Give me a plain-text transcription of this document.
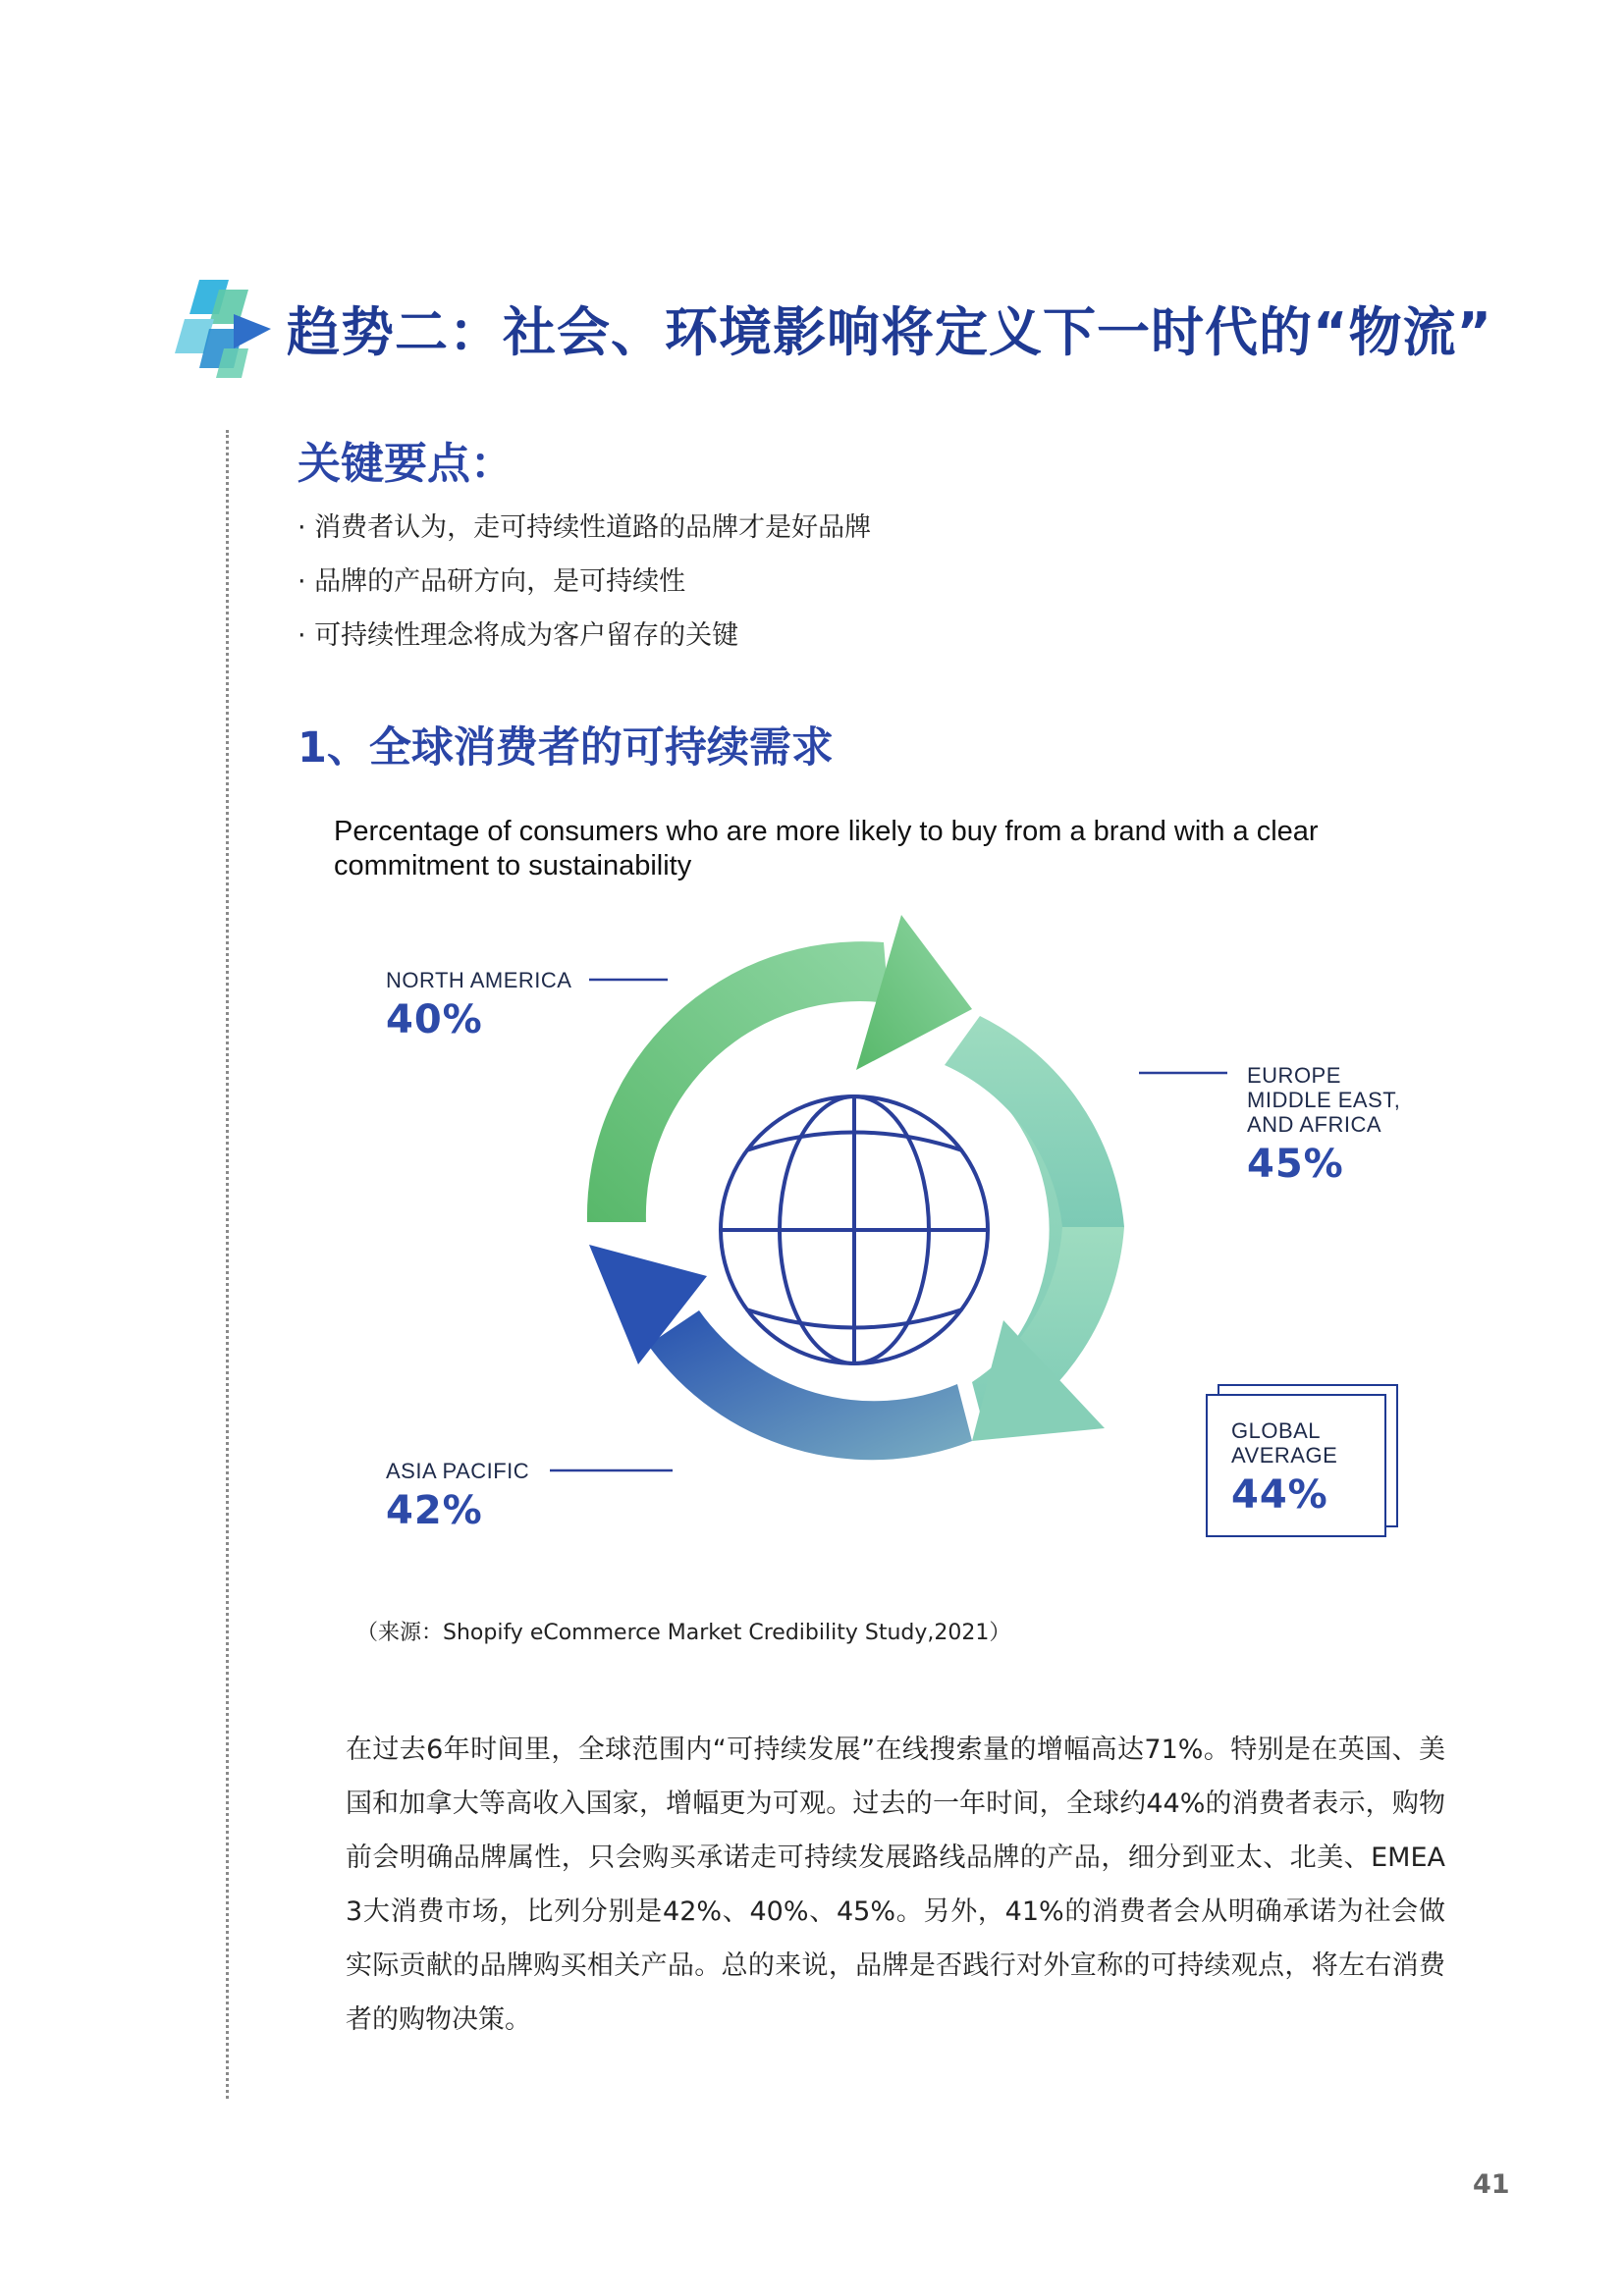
趋势二：社会、环境影响将定义下一时代的“物流”
关键要点：
· 消费者认为，走可持续性道路的品牌才是好品牌
· 品牌的产品研方向，是可持续性
· 可持续性理念将成为客户留存的关键
1、全球消费者的可持续需求
Percentage of consumers who are more likely to buy from a brand with a clear commitment to sustainability
NORTH AMERICA
40%
EUROPE
MIDDLE EAST,
AND AFRICA
45%
ASIA PACIFIC
42%
GLOBAL
AVERAGE
44%
（来源：Shopify eCommerce Market Credibility Study,2021）
在过去6年时间里，全球范围内“可持续发展”在线搜索量的增幅高达71%。特别是在英国、美国和加拿大等高收入国家，增幅更为可观。过去的一年时间，全球约44%的消费者表示，购物前会明确品牌属性，只会购买承诺走可持续发展路线品牌的产品，细分到亚太、北美、EMEA 3大消费市场，比列分别是42%、40%、45%。另外，41%的消费者会从明确承诺为社会做实际贡献的品牌购买相关产品。总的来说，品牌是否践行对外宣称的可持续观点，将左右消费者的购物决策。
41
